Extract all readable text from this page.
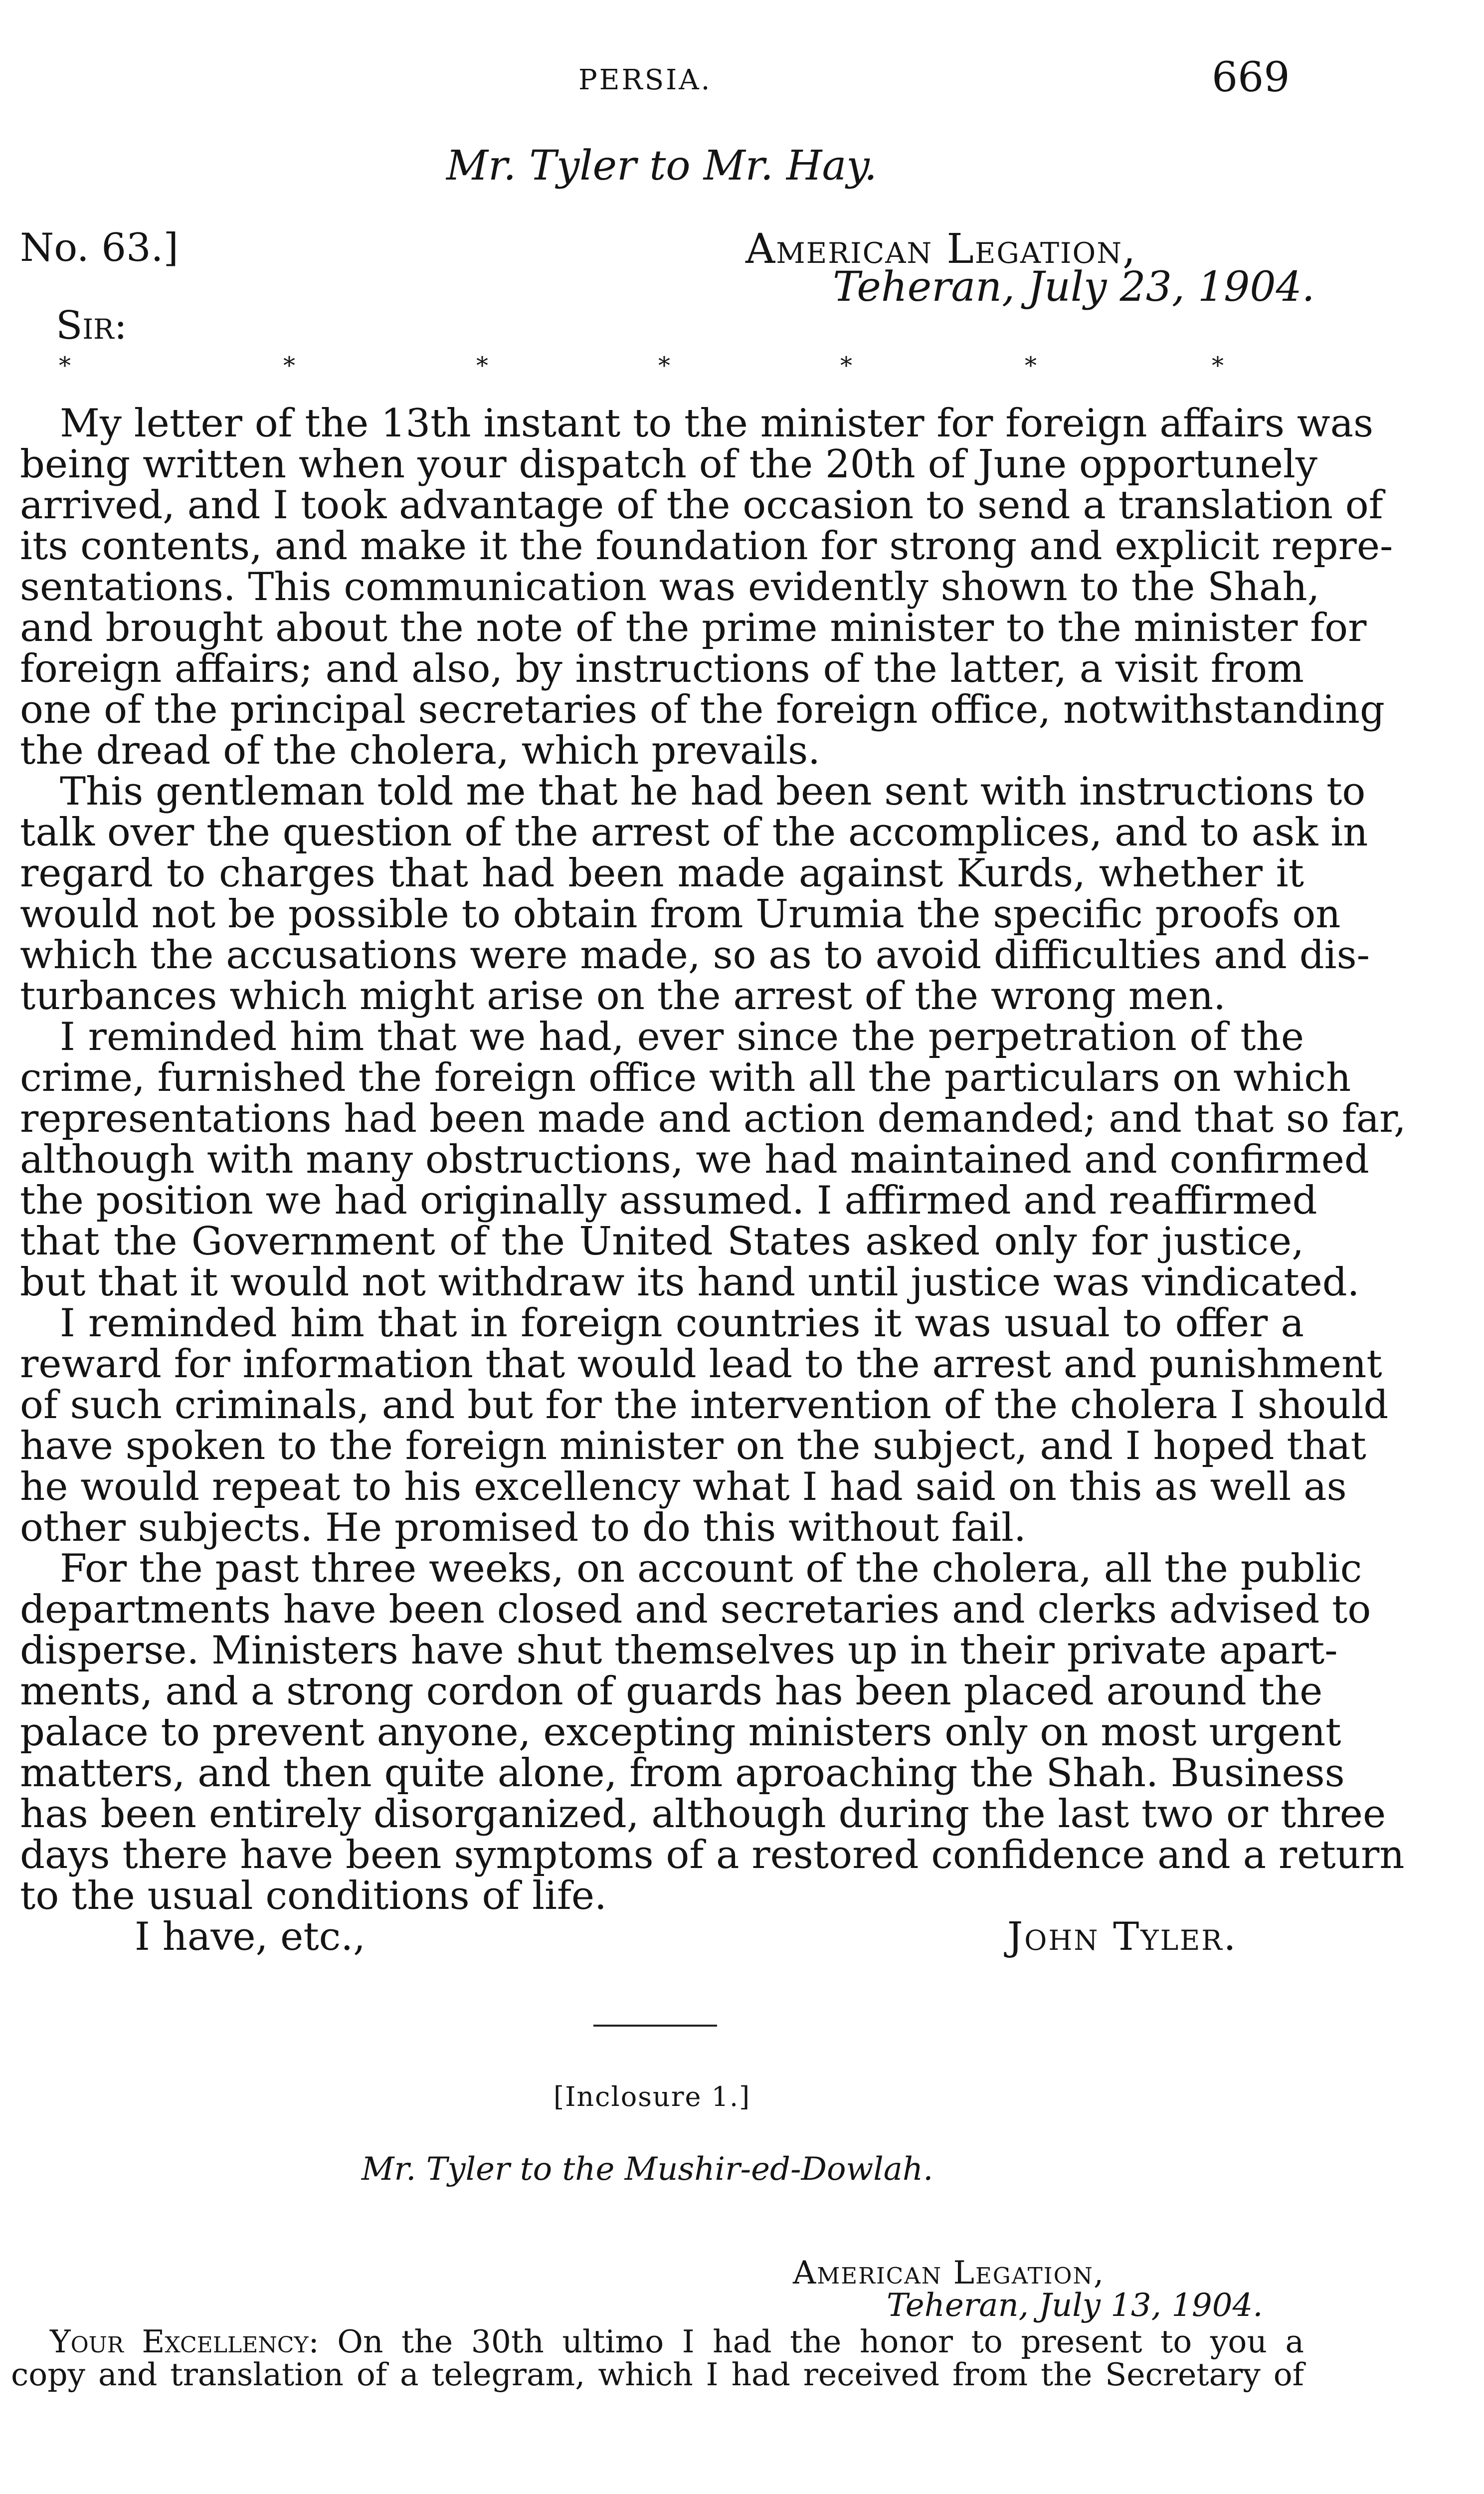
PERSIA.	669
Mr. Tyler to Mr. Hay.
No. 63.]	American Legation,
Teheran, July 23, 1904.
Sir:
*	*	*	*	*	*	*
My letter of the 13th instant to the minister for foreign affairs was
being written when your dispatch of the 20th of June opportunely
arrived, and I took advantage of the occasion to send a translation of
its contents, and make it the foundation for strong and explicit repre-
sentations. This communication was evidently shown to the Shah,
and brought about the note of the prime minister to the minister for
foreign affairs; and also, by instructions of the latter, a visit from
one of the principal secretaries of the foreign office, notwithstanding
the dread of the cholera, which prevails.
This gentleman told me that he had been sent with instructions to
talk over the question of the arrest of the accomplices, and to ask in
regard to charges that had been made against Kurds, whether it
would not be possible to obtain from Urumia the specific proofs on
which the accusations were made, so as to avoid difficulties and dis-
turbances which might arise on the arrest of the wrong men.
I reminded him that we had, ever since the perpetration of the
crime, furnished the foreign office with all the particulars on which
representations had been made and action demanded; and that so far,
although with many obstructions, we had maintained and confirmed
the position we had originally assumed. I affirmed and reaffirmed
that the Government of the United States asked only for justice,
but that it would not withdraw its hand until justice was vindicated.
I reminded him that in foreign countries it was usual to offer a
reward for information that would lead to the arrest and punishment
of such criminals, and but for the intervention of the cholera I should
have spoken to the foreign minister on the subject, and I hoped that
he would repeat to his excellency what I had said on this as well as
other subjects. He promised to do this without fail.
For the past three weeks, on account of the cholera, all the public
departments have been closed and secretaries and clerks advised to
disperse. Ministers have shut themselves up in their private apart-
ments, and a strong cordon of guards has been placed around the
palace to prevent anyone, excepting ministers only on most urgent
matters, and then quite alone, from aproaching the Shah. Business
has been entirely disorganized, although during the last two or three
days there have been symptoms of a restored confidence and a return
to the usual conditions of life.
I have, etc.,	John Tyler.
[Inclosure 1.]
Mr. Tyler to the Mushir-ed-Dowlah.
American Legation,
Teheran, July 13, 1904.
Your Excellency: On the 30th ultimo I had the honor to present to you a
copy and translation of a telegram, which I had received from the Secretary of
